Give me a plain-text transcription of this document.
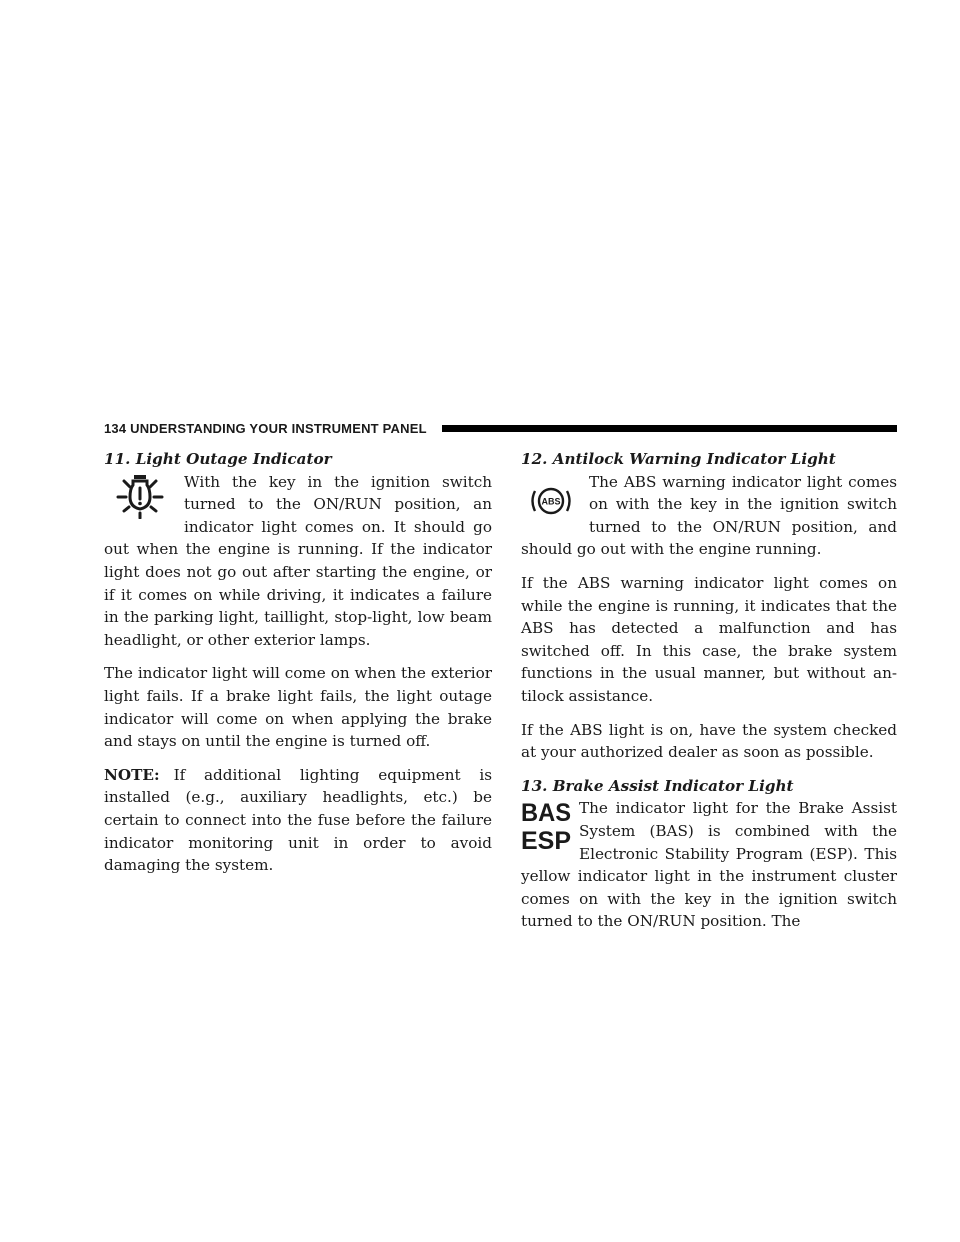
134 UNDERSTANDING YOUR INSTRUMENT PANEL
11. Light Outage Indicator

With the key in the ignition switch turned to the ON/RUN position, an indicator light comes on. It should go out when the engine is running. If the indicator light does not go out after starting the engine, or if it comes on while driving, it indicates a failure in the parking light, taillight, stop-light, low beam headlight, or other exterior lamps.

The indicator light will come on when the exterior light fails. If a brake light fails, the light outage indicator will come on when applying the brake and stays on until the engine is turned off.

NOTE: If additional lighting equipment is installed (e.g., auxiliary headlights, etc.) be certain to connect into the fuse before the failure indicator monitoring unit in order to avoid damaging the system.

12. Antilock Warning Indicator Light

ABS
The ABS warning indicator light comes on with the key in the ignition switch turned to the ON/RUN position, and should go out with the engine running.

If the ABS warning indicator light comes on while the engine is running, it indicates that the ABS has detected a malfunction and has switched off. In this case, the brake system functions in the usual manner, but without an-tilock assistance.

If the ABS light is on, have the system checked at your authorized dealer as soon as possible.

13. Brake Assist Indicator Light

BAS
ESP
The indicator light for the Brake Assist System (BAS) is combined with the Electronic Stability Program (ESP). This yellow indicator light in the instrument cluster comes on with the key in the ignition switch turned to the ON/RUN position. The
